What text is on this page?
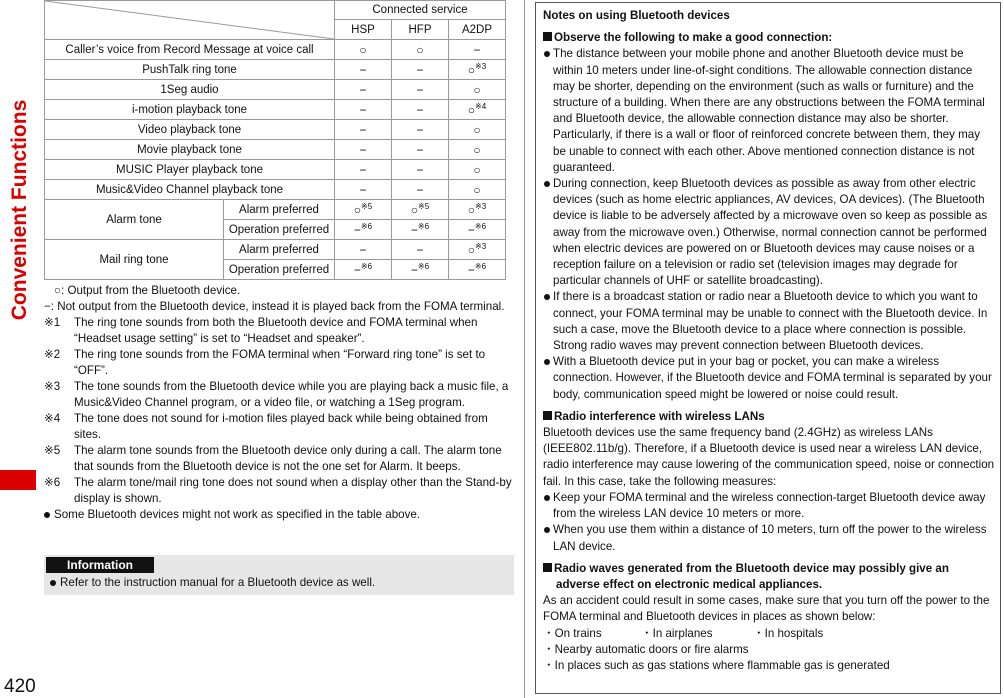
Convenient Functions
420
	Connected service		
		HSP	HFP	A2DP
Caller’s voice from Record Message at voice call		○	○	−
PushTalk ring tone		−	−	○$^{※3}$
1Seg audio		−	−	○
i-motion playback tone		−	−	○$^{※4}$
Video playback tone		−	−	○
Movie playback tone		−	−	○
MUSIC Player playback tone		−	−	○
Music&Video Channel playback tone		−	−	○
Alarm tone	Alarm preferred	○$^{※5}$	○$^{※5}$	○$^{※3}$
	Operation preferred	−$^{※6}$	−$^{※6}$	−$^{※6}$
Mail ring tone	Alarm preferred	−	−	○$^{※3}$
	Operation preferred	−$^{※6}$	−$^{※6}$	−$^{※6}$
○: Output from the Bluetooth device.
−: Not output from the Bluetooth device, instead it is played back from the FOMA terminal.
※1 The ring tone sounds from both the Bluetooth device and FOMA terminal when “Headset usage setting” is set to “Headset and speaker”.
※2 The ring tone sounds from the FOMA terminal when “Forward ring tone” is set to “OFF”.
※3 The tone sounds from the Bluetooth device while you are playing back a music file, a Music&Video Channel program, or a video file, or watching a 1Seg program.
※4 The tone does not sound for i-motion files played back while being obtained from sites.
※5 The alarm tone sounds from the Bluetooth device only during a call. The alarm tone that sounds from the Bluetooth device is not the one set for Alarm. It beeps.
※6 The alarm tone/mail ring tone does not sound when a display other than the Stand-by display is shown.
Some Bluetooth devices might not work as specified in the table above.
Information
Refer to the instruction manual for a Bluetooth device as well.
Notes on using Bluetooth devices
Observe the following to make a good connection:
The distance between your mobile phone and another Bluetooth device must be within 10 meters under line-of-sight conditions. The allowable connection distance may be shorter, depending on the environment (such as walls or furniture) and the structure of a building. When there are any obstructions between the FOMA terminal and Bluetooth device, the allowable connection distance may also be shorter.
Particularly, if there is a wall or floor of reinforced concrete between them, they may be unable to connect with each other. Above mentioned connection distance is not guaranteed.
During connection, keep Bluetooth devices as possible as away from other electric devices (such as home electric appliances, AV devices, OA devices). (The Bluetooth device is liable to be adversely affected by a microwave oven so keep as possible as away from the microwave oven.) Otherwise, normal connection cannot be performed when electric devices are powered on or Bluetooth devices may cause noises or a reception failure on a television or radio set (television images may degrade for particular channels of UHF or satellite broadcasting).
If there is a broadcast station or radio near a Bluetooth device to which you want to connect, your FOMA terminal may be unable to connect with the Bluetooth device. In such a case, move the Bluetooth device to a place where connection is possible. Strong radio waves may prevent connection between Bluetooth devices.
With a Bluetooth device put in your bag or pocket, you can make a wireless connection. However, if the Bluetooth device and FOMA terminal is separated by your body, communication speed might be lowered or noise could result.
Radio interference with wireless LANs
Bluetooth devices use the same frequency band (2.4GHz) as wireless LANs (IEEE802.11b/g). Therefore, if a Bluetooth device is used near a wireless LAN device, radio interference may cause lowering of the communication speed, noise or connection fail. In this case, take the following measures:
Keep your FOMA terminal and the wireless connection-target Bluetooth device away from the wireless LAN device 10 meters or more.
When you use them within a distance of 10 meters, turn off the power to the wireless LAN device.
Radio waves generated from the Bluetooth device may possibly give an adverse effect on electronic medical appliances.
As an accident could result in some cases, make sure that you turn off the power to the FOMA terminal and Bluetooth devices in places as shown below:
・On trains	・In airplanes	・In hospitals
・Nearby automatic doors or fire alarms
・In places such as gas stations where flammable gas is generated
